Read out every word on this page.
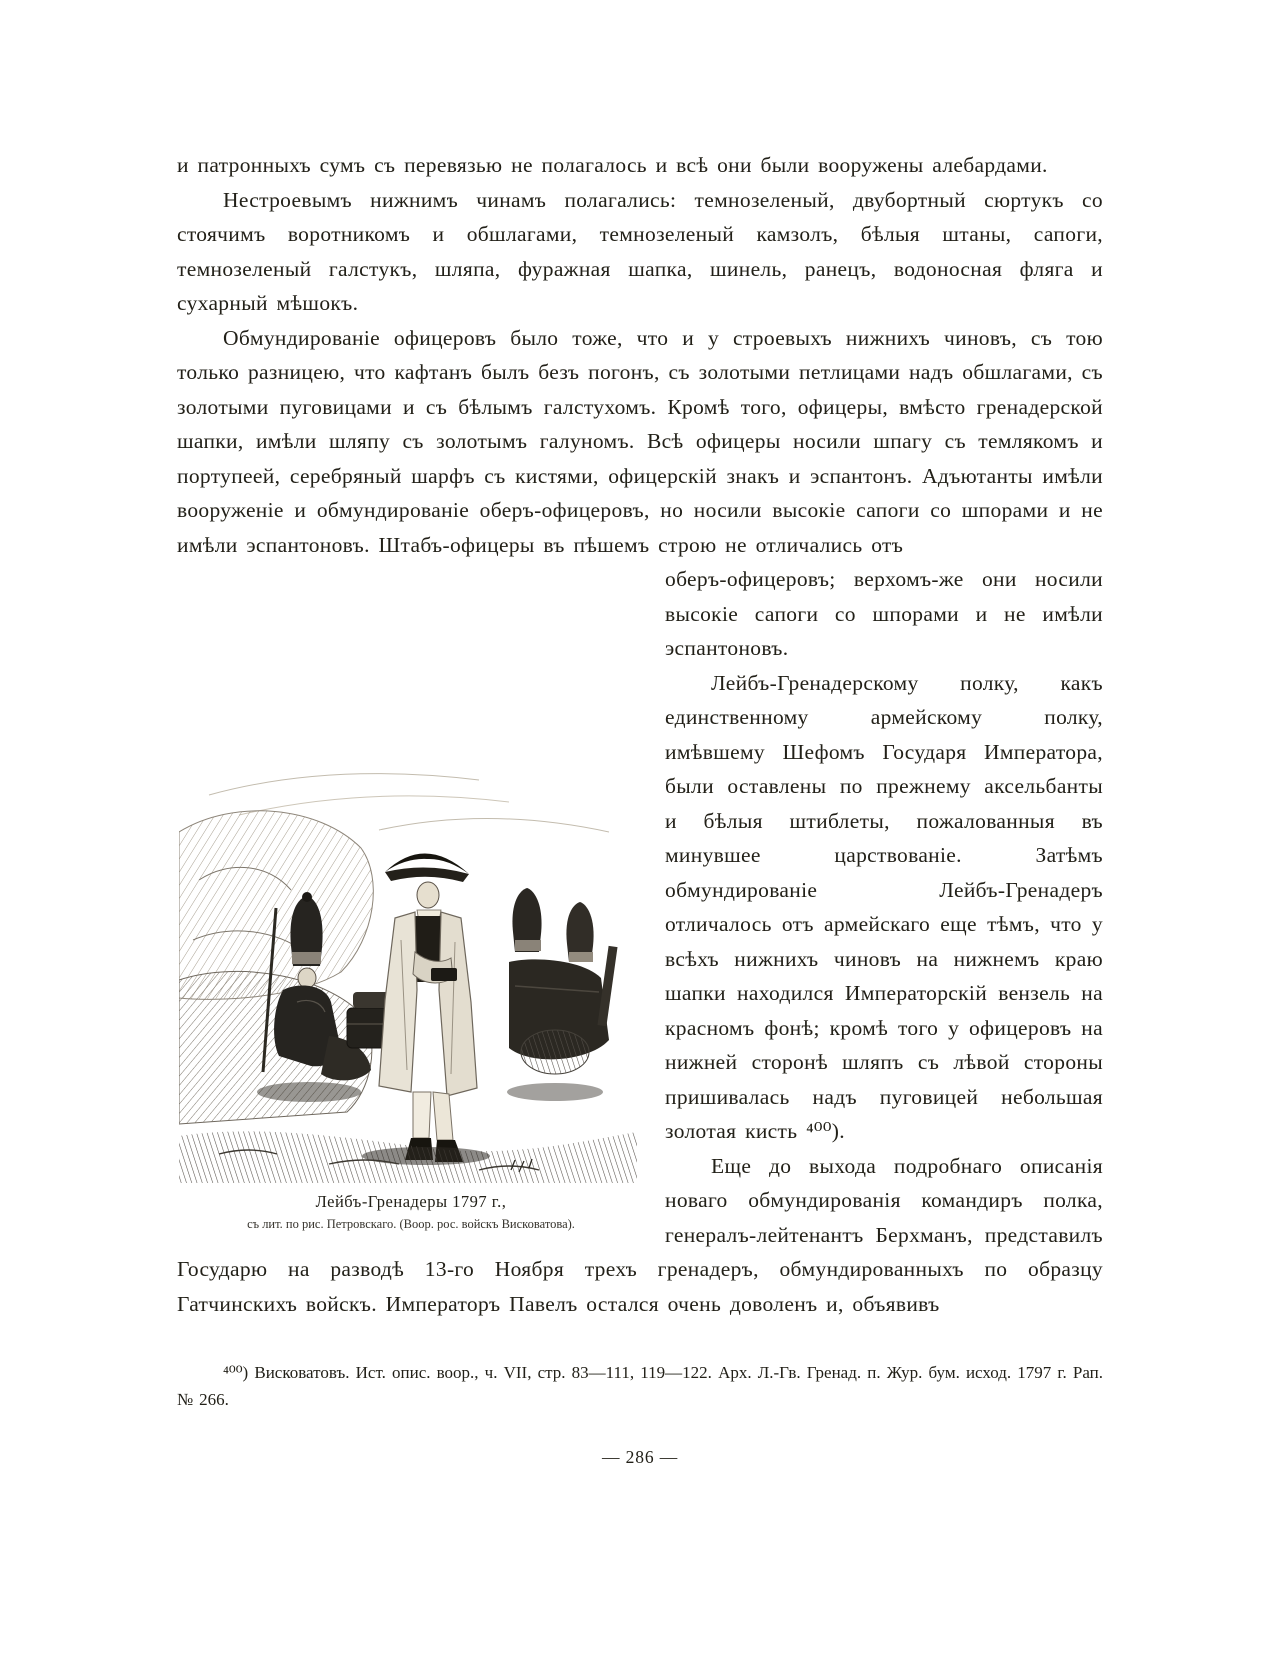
и патронныхъ сумъ съ перевязью не полагалось и всѣ они были вооружены алебардами.

Нестроевымъ нижнимъ чинамъ полагались: темнозеленый, двубортный сюртукъ со стоячимъ воротникомъ и обшлагами, темнозеленый камзолъ, бѣлыя штаны, сапоги, темнозеленый галстукъ, шляпа, фуражная шапка, шинель, ранецъ, водоносная фляга и сухарный мѣшокъ.

Обмундированіе офицеровъ было тоже, что и у строевыхъ нижнихъ чиновъ, съ тою только разницею, что кафтанъ былъ безъ погонъ, съ золотыми петлицами надъ обшлагами, съ золотыми пуговицами и съ бѣлымъ галстухомъ. Кромѣ того, офицеры, вмѣсто гренадерской шапки, имѣли шляпу съ золотымъ галуномъ. Всѣ офицеры носили шпагу съ темлякомъ и портупеей, серебряный шарфъ съ кистями, офицерскій знакъ и эспантонъ. Адъютанты имѣли вооруженіе и обмундированіе оберъ-офицеровъ, но носили высокіе сапоги со шпорами и не имѣли эспантоновъ. Штабъ-офицеры въ пѣшемъ строю не отличались отъ

Лейбъ-Гренадеры 1797 г.,
съ лит. по рис. Петровскаго. (Воор. рос. войскъ Висковатова).

оберъ-офицеровъ; верхомъ-же они носили высокіе сапоги со шпорами и не имѣли эспантоновъ.

Лейбъ-Гренадерскому полку, какъ единственному армейскому полку, имѣвшему Шефомъ Государя Императора, были оставлены по прежнему аксельбанты и бѣлыя штиблеты, пожалованныя въ минувшее царствованіе. Затѣмъ обмундированіе Лейбъ-Гренадеръ отличалось отъ армейскаго еще тѣмъ, что у всѣхъ нижнихъ чиновъ на нижнемъ краю шапки находился Императорскій вензель на красномъ фонѣ; кромѣ того у офицеровъ на нижней сторонѣ шляпъ съ лѣвой стороны пришивалась надъ пуговицей небольшая золотая кисть ⁴⁰⁰).

Еще до выхода подробнаго описанія новаго обмундированія командиръ полка, генералъ-лейтенантъ Берхманъ, представилъ Государю на разводѣ 13-го Ноября трехъ гренадеръ, обмундированныхъ по образцу Гатчинскихъ войскъ. Императоръ Павелъ остался очень доволенъ и, объявивъ

⁴⁰⁰) Висковатовъ. Ист. опис. воор., ч. VII, стр. 83—111, 119—122. Арх. Л.-Гв. Гренад. п. Жур. бум. исход. 1797 г. Рап. № 266.

— 286 —
